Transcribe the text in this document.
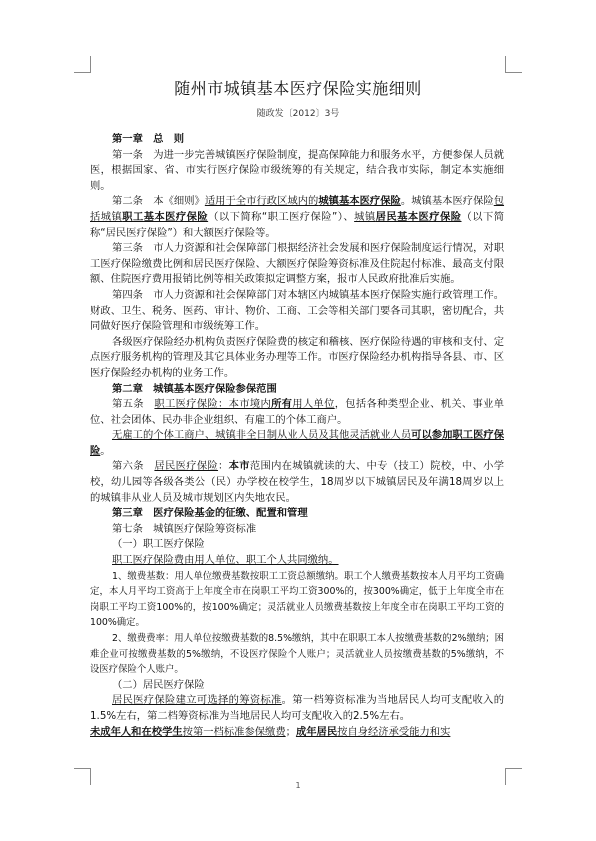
随州市城镇基本医疗保险实施细则
随政发〔2012〕3号

第一章　总　则

第一条　为进一步完善城镇医疗保险制度，提高保障能力和服务水平，方便参保人员就医，根据国家、省、市实行医疗保险市级统筹的有关规定，结合我市实际，制定本实施细则。

第二条　本《细则》适用于全市行政区域内的城镇基本医疗保险。城镇基本医疗保险包括城镇职工基本医疗保险（以下简称“职工医疗保险”）、城镇居民基本医疗保险（以下简称“居民医疗保险”）和大额医疗保险等。

第三条　市人力资源和社会保障部门根据经济社会发展和医疗保险制度运行情况，对职工医疗保险缴费比例和居民医疗保险、大额医疗保险筹资标准及住院起付标准、最高支付限额、住院医疗费用报销比例等相关政策拟定调整方案，报市人民政府批准后实施。

第四条　市人力资源和社会保障部门对本辖区内城镇基本医疗保险实施行政管理工作。财政、卫生、税务、医药、审计、物价、工商、工会等相关部门要各司其职，密切配合，共同做好医疗保险管理和市级统筹工作。

各级医疗保险经办机构负责医疗保险费的核定和稽核、医疗保险待遇的审核和支付、定点医疗服务机构的管理及其它具体业务办理等工作。市医疗保险经办机构指导各县、市、区医疗保险经办机构的业务工作。

第二章　城镇基本医疗保险参保范围

第五条　职工医疗保险：本市境内所有用人单位，包括各种类型企业、机关、事业单位、社会团体、民办非企业组织、有雇工的个体工商户。

无雇工的个体工商户、城镇非全日制从业人员及其他灵活就业人员可以参加职工医疗保险。

第六条　居民医疗保险：本市范围内在城镇就读的大、中专（技工）院校，中、小学校，幼儿园等各级各类公（民）办学校在校学生，18周岁以下城镇居民及年满18周岁以上的城镇非从业人员及城市规划区内失地农民。

第三章　医疗保险基金的征缴、配置和管理

第七条　城镇医疗保险筹资标准

（一）职工医疗保险

职工医疗保险费由用人单位、职工个人共同缴纳。

1、缴费基数：用人单位缴费基数按职工工资总额缴纳。职工个人缴费基数按本人月平均工资确定，本人月平均工资高于上年度全市在岗职工平均工资300%的，按300%确定，低于上年度全市在岗职工平均工资100%的，按100%确定；灵活就业人员缴费基数按上年度全市在岗职工平均工资的100%确定。

2、缴费费率：用人单位按缴费基数的8.5%缴纳，其中在职职工本人按缴费基数的2%缴纳；困难企业可按缴费基数的5%缴纳，不设医疗保险个人账户；灵活就业人员按缴费基数的5%缴纳，不设医疗保险个人账户。

（二）居民医疗保险

居民医疗保险建立可选择的筹资标准。第一档筹资标准为当地居民人均可支配收入的1.5%左右，第二档筹资标准为当地居民人均可支配收入的2.5%左右。

未成年人和在校学生按第一档标准参保缴费；成年居民按自身经济承受能力和实

1
